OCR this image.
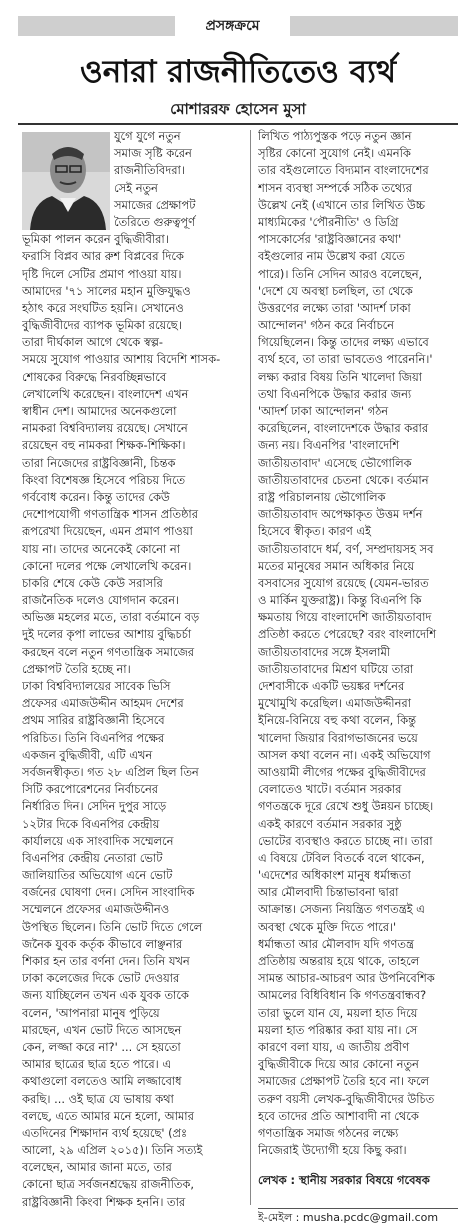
প্রসঙ্গক্রমে
ওনারা রাজনীতিতেও ব্যর্থ
মোশাররফ হোসেন মুসা
যুগে যুগে নতুন
সমাজ সৃষ্টি করেন
রাজনীতিবিদরা।
সেই নতুন
সমাজের প্রেক্ষাপট
তৈরিতে গুরুত্বপূর্ণ
ভূমিকা পালন করেন বুদ্ধিজীবীরা।
ফরাসি বিপ্লব আর রুশ বিপ্লবের দিকে
দৃষ্টি দিলে সেটির প্রমাণ পাওয়া যায়।
আমাদের '৭১ সালের মহান মুক্তিযুদ্ধও
হঠাৎ করে সংঘটিত হয়নি। সেখানেও
বুদ্ধিজীবীদের ব্যাপক ভূমিকা রয়েছে।
তারা দীর্ঘকাল আগে থেকে স্বল্প-
সময়ে সুযোগ পাওয়ার আশায় বিদেশি শাসক-
শোষকের বিরুদ্ধে নিরবচ্ছিন্নভাবে
লেখালেখি করেছেন। বাংলাদেশ এখন
স্বাধীন দেশ। আমাদের অনেকগুলো
নামকরা বিশ্ববিদ্যালয় রয়েছে। সেখানে
রয়েছেন বহু নামকরা শিক্ষক-শিক্ষিকা।
তারা নিজেদের রাষ্ট্রবিজ্ঞানী, চিন্তক
কিংবা বিশেষজ্ঞ হিসেবে পরিচয় দিতে
গর্ববোধ করেন। কিন্তু তাদের কেউ
দেশোপযোগী গণতান্ত্রিক শাসন প্রতিষ্ঠার
রূপরেখা দিয়েছেন, এমন প্রমাণ পাওয়া
যায় না। তাদের অনেকেই কোনো না
কোনো দলের পক্ষে লেখালেখি করেন।
চাকরি শেষে কেউ কেউ সরাসরি
রাজনৈতিক দলেও যোগদান করেন।
অভিজ্ঞ মহলের মতে, তারা বর্তমানে বড়
দুই দলের কৃপা লাভের আশায় বুদ্ধিচর্চা
করছেন বলে নতুন গণতান্ত্রিক সমাজের
প্রেক্ষাপট তৈরি হচ্ছে না।
ঢাকা বিশ্ববিদ্যালয়ের সাবেক ভিসি
প্রফেসর এমাজউদ্দীন আহমদ দেশের
প্রথম সারির রাষ্ট্রবিজ্ঞানী হিসেবে
পরিচিত। তিনি বিএনপির পক্ষের
একজন বুদ্ধিজীবী, এটি এখন
সর্বজনস্বীকৃত। গত ২৮ এপ্রিল ছিল তিন
সিটি করপোরেশনের নির্বাচনের
নির্ধারিত দিন। সেদিন দুপুর সাড়ে
১২টার দিকে বিএনপির কেন্দ্রীয়
কার্যালয়ে এক সাংবাদিক সম্মেলনে
বিএনপির কেন্দ্রীয় নেতারা ভোট
জালিয়াতির অভিযোগ এনে ভোট
বর্জনের ঘোষণা দেন। সেদিন সাংবাদিক
সম্মেলনে প্রফেসর এমাজউদ্দীনও
উপস্থিত ছিলেন। তিনি ভোট দিতে গেলে
জনৈক যুবক কর্তৃক কীভাবে লাঞ্ছনার
শিকার হন তার বর্ণনা দেন। তিনি যখন
ঢাকা কলেজের দিকে ভোট দেওয়ার
জন্য যাচ্ছিলেন তখন এক যুবক তাকে
বলেন, 'আপনারা মানুষ পুড়িয়ে
মারছেন, এখন ভোট দিতে আসছেন
কেন, লজ্জা করে না?' ... সে হয়তো
আমার ছাত্রের ছাত্র হতে পারে। এ
কথাগুলো বলতেও আমি লজ্জাবোধ
করছি। ... ওই ছাত্র যে ভাষায় কথা
বলছে, এতে আমার মনে হলো, আমার
এতদিনের শিক্ষাদান ব্যর্থ হয়েছে' (প্রঃ
আলো, ২৯ এপ্রিল ২০১৫)। তিনি সত্যই
বলেছেন, আমার জানা মতে, তার
কোনো ছাত্র সর্বজনশ্রদ্ধেয় রাজনীতিক,
রাষ্ট্রবিজ্ঞানী কিংবা শিক্ষক হননি। তার
লিখিত পাঠ্যপুস্তক পড়ে নতুন জ্ঞান
সৃষ্টির কোনো সুযোগ নেই। এমনকি
তার বইগুলোতে বিদ্যমান বাংলাদেশের
শাসন ব্যবস্থা সম্পর্কে সঠিক তথ্যের
উল্লেখ নেই (এখানে তার লিখিত উচ্চ
মাধ্যমিকের 'পৌরনীতি' ও ডিগ্রি
পাসকোর্সের 'রাষ্ট্রবিজ্ঞানের কথা'
বইগুলোর নাম উল্লেখ করা যেতে
পারে)। তিনি সেদিন আরও বলেছেন,
'দেশে যে অবস্থা চলছিল, তা থেকে
উত্তরণের লক্ষ্যে তারা 'আদর্শ ঢাকা
আন্দোলন' গঠন করে নির্বাচনে
গিয়েছিলেন। কিন্তু তাদের লক্ষ্য এভাবে
ব্যর্থ হবে, তা তারা ভাবতেও পারেননি।'
লক্ষ্য করার বিষয় তিনি খালেদা জিয়া
তথা বিএনপিকে উদ্ধার করার জন্য
'আদর্শ ঢাকা আন্দোলন' গঠন
করেছিলেন, বাংলাদেশকে উদ্ধার করার
জন্য নয়। বিএনপির 'বাংলাদেশি
জাতীয়তাবাদ' এসেছে ভৌগোলিক
জাতীয়তাবাদের চেতনা থেকে। বর্তমান
রাষ্ট্র পরিচালনায় ভৌগোলিক
জাতীয়তাবাদ অপেক্ষাকৃত উত্তম দর্শন
হিসেবে স্বীকৃত। কারণ এই
জাতীয়তাবাদে ধর্ম, বর্ণ, সম্প্রদায়সহ সব
মতের মানুষের সমান অধিকার নিয়ে
বসবাসের সুযোগ রয়েছে (যেমন-ভারত
ও মার্কিন যুক্তরাষ্ট্র)। কিন্তু বিএনপি কি
ক্ষমতায় গিয়ে বাংলাদেশি জাতীয়তাবাদ
প্রতিষ্ঠা করতে পেরেছে? বরং বাংলাদেশি
জাতীয়তাবাদের সঙ্গে ইসলামী
জাতীয়তাবাদের মিশ্রণ ঘটিয়ে তারা
দেশবাসীকে একটি ভয়ঙ্কর দর্শনের
মুখোমুখি করেছিল। এমাজউদ্দীনরা
ইনিয়ে-বিনিয়ে বহু কথা বলেন, কিন্তু
খালেদা জিয়ার বিরাগভাজনের ভয়ে
আসল কথা বলেন না। একই অভিযোগ
আওয়ামী লীগের পক্ষের বুদ্ধিজীবীদের
বেলাতেও খাটে। বর্তমান সরকার
গণতন্ত্রকে দূরে রেখে শুধু উন্নয়ন চাচ্ছে।
একই কারণে বর্তমান সরকার সুষ্ঠু
ভোটের ব্যবস্থাও করতে চাচ্ছে না। তারা
এ বিষয়ে টেবিল বিতর্কে বলে থাকেন,
'এদেশের অধিকাংশ মানুষ ধর্মান্ধতা
আর মৌলবাদী চিন্তাভাবনা দ্বারা
আক্রান্ত। সেজন্য নিয়ন্ত্রিত গণতন্ত্রই এ
অবস্থা থেকে মুক্তি দিতে পারে।'
ধর্মান্ধতা আর মৌলবাদ যদি গণতন্ত্র
প্রতিষ্ঠায় অন্তরায় হয়ে থাকে, তাহলে
সামন্ত আচার-আচরণ আর উপনিবেশিক
আমলের বিধিবিধান কি গণতন্ত্রবান্ধব?
তারা ভুলে যান যে, ময়লা হাত দিয়ে
ময়লা হাত পরিষ্কার করা যায় না। সে
কারণে বলা যায়, এ জাতীয় প্রবীণ
বুদ্ধিজীবীকে দিয়ে আর কোনো নতুন
সমাজের প্রেক্ষাপট তৈরি হবে না। ফলে
তরুণ বয়সী লেখক-বুদ্ধিজীবীদের উচিত
হবে তাদের প্রতি আশাবাদী না থেকে
গণতান্ত্রিক সমাজ গঠনের লক্ষ্যে
নিজেরাই উদ্যোগী হয়ে কিছু করা।
লেখক : স্থানীয় সরকার বিষয়ে গবেষক
ই-মেইল : musha.pcdc@gmail.com
